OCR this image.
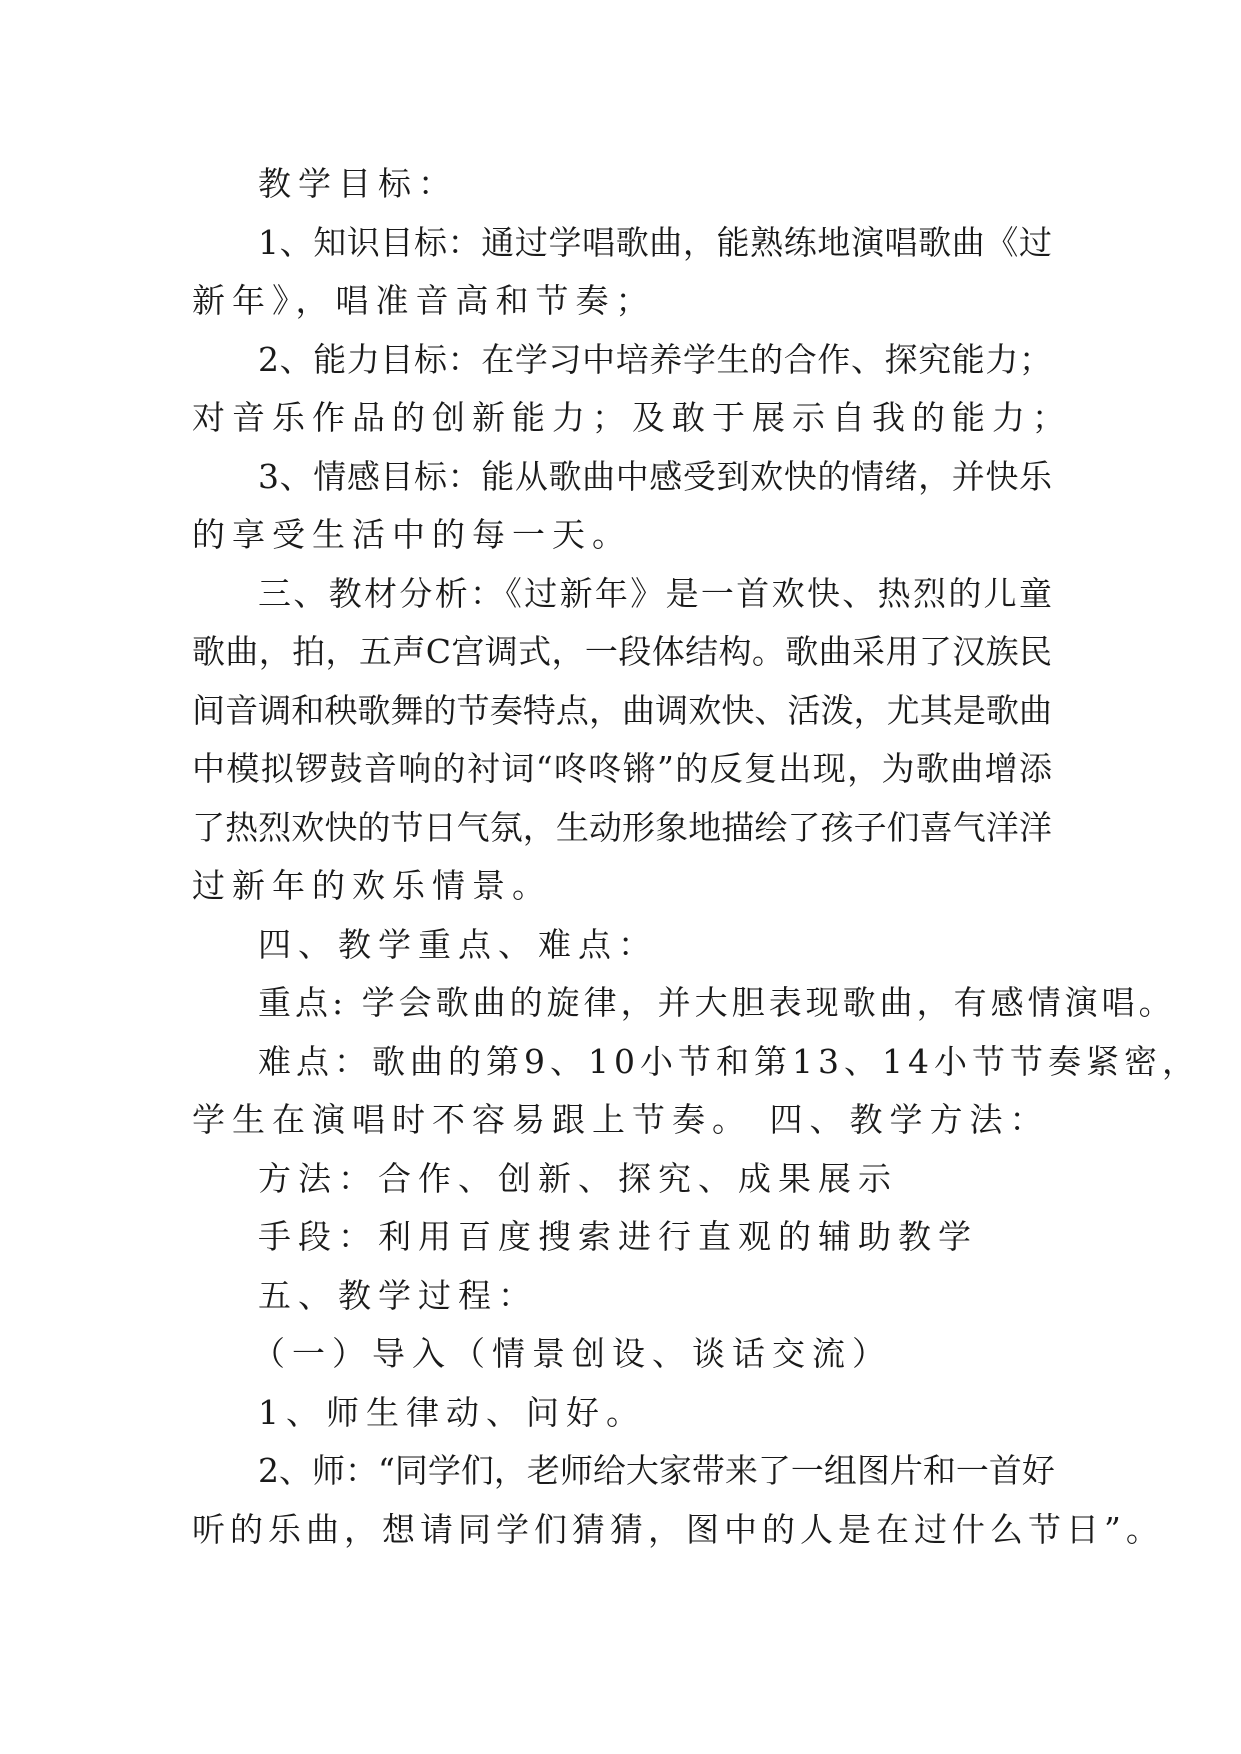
教学目标：
1、知识目标：通过学唱歌曲，能熟练地演唱歌曲《过
新年》，唱准音高和节奏；
2、能力目标：在学习中培养学生的合作、探究能力；
对音乐作品的创新能力；及敢于展示自我的能力；
3、情感目标：能从歌曲中感受到欢快的情绪，并快乐
的享受生活中的每一天。
三、教材分析：《过新年》是一首欢快、热烈的儿童
歌曲，拍，五声C宫调式，一段体结构。歌曲采用了汉族民
间音调和秧歌舞的节奏特点，曲调欢快、活泼，尤其是歌曲
中模拟锣鼓音响的衬词“咚咚锵”的反复出现，为歌曲增添
了热烈欢快的节日气氛，生动形象地描绘了孩子们喜气洋洋
过新年的欢乐情景。
四、教学重点、难点：
重点: 学会歌曲的旋律，并大胆表现歌曲，有感情演唱。
难点：歌曲的第9、10小节和第13、14小节节奏紧密，
学生在演唱时不容易跟上节奏。 四、教学方法：
方法：合作、创新、探究、成果展示
手段：利用百度搜索进行直观的辅助教学
五、教学过程：
（一）导入（情景创设、谈话交流）
1、师生律动、问好。
2、师：“同学们，老师给大家带来了一组图片和一首好
听的乐曲，想请同学们猜猜，图中的人是在过什么节日”。
